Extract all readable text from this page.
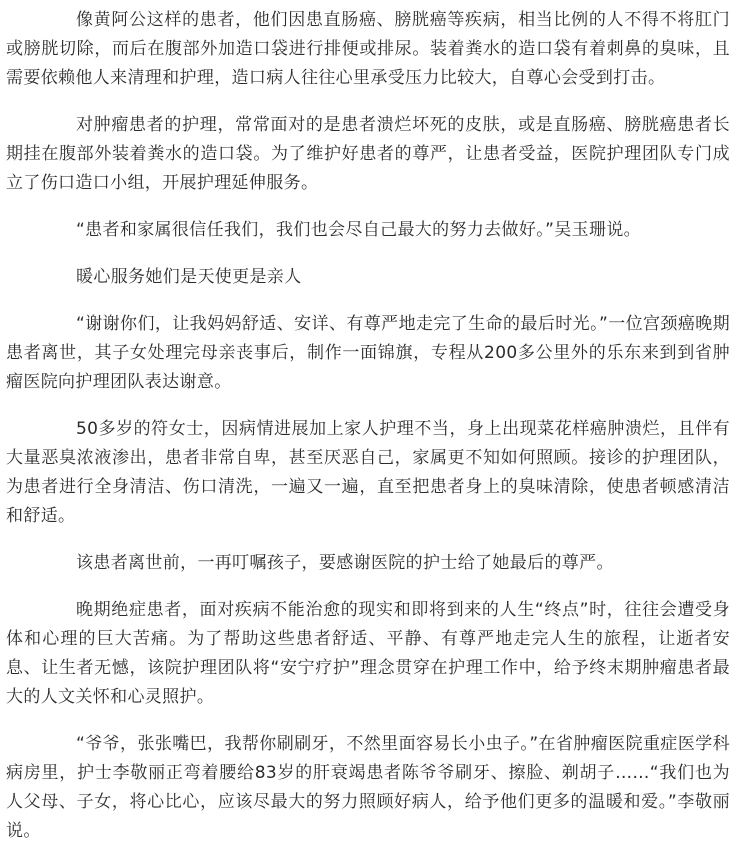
像黄阿公这样的患者，他们因患直肠癌、膀胱癌等疾病，相当比例的人不得不将肛门或膀胱切除，而后在腹部外加造口袋进行排便或排尿。装着粪水的造口袋有着刺鼻的臭味，且需要依赖他人来清理和护理，造口病人往往心里承受压力比较大，自尊心会受到打击。

对肿瘤患者的护理，常常面对的是患者溃烂坏死的皮肤，或是直肠癌、膀胱癌患者长期挂在腹部外装着粪水的造口袋。为了维护好患者的尊严，让患者受益，医院护理团队专门成立了伤口造口小组，开展护理延伸服务。

“患者和家属很信任我们，我们也会尽自己最大的努力去做好。”吴玉珊说。

暖心服务她们是天使更是亲人

“谢谢你们，让我妈妈舒适、安详、有尊严地走完了生命的最后时光。”一位宫颈癌晚期患者离世，其子女处理完母亲丧事后，制作一面锦旗，专程从200多公里外的乐东来到到省肿瘤医院向护理团队表达谢意。

50多岁的符女士，因病情进展加上家人护理不当，身上出现菜花样癌肿溃烂，且伴有大量恶臭浓液渗出，患者非常自卑，甚至厌恶自己，家属更不知如何照顾。接诊的护理团队，为患者进行全身清洁、伤口清洗，一遍又一遍，直至把患者身上的臭味清除，使患者顿感清洁和舒适。

该患者离世前，一再叮嘱孩子，要感谢医院的护士给了她最后的尊严。

晚期绝症患者，面对疾病不能治愈的现实和即将到来的人生“终点”时，往往会遭受身体和心理的巨大苦痛。为了帮助这些患者舒适、平静、有尊严地走完人生的旅程，让逝者安息、让生者无憾，该院护理团队将“安宁疗护”理念贯穿在护理工作中，给予终末期肿瘤患者最大的人文关怀和心灵照护。

“爷爷，张张嘴巴，我帮你刷刷牙，不然里面容易长小虫子。”在省肿瘤医院重症医学科病房里，护士李敬丽正弯着腰给83岁的肝衰竭患者陈爷爷刷牙、擦脸、剃胡子……“我们也为人父母、子女，将心比心，应该尽最大的努力照顾好病人，给予他们更多的温暖和爱。”李敬丽说。
